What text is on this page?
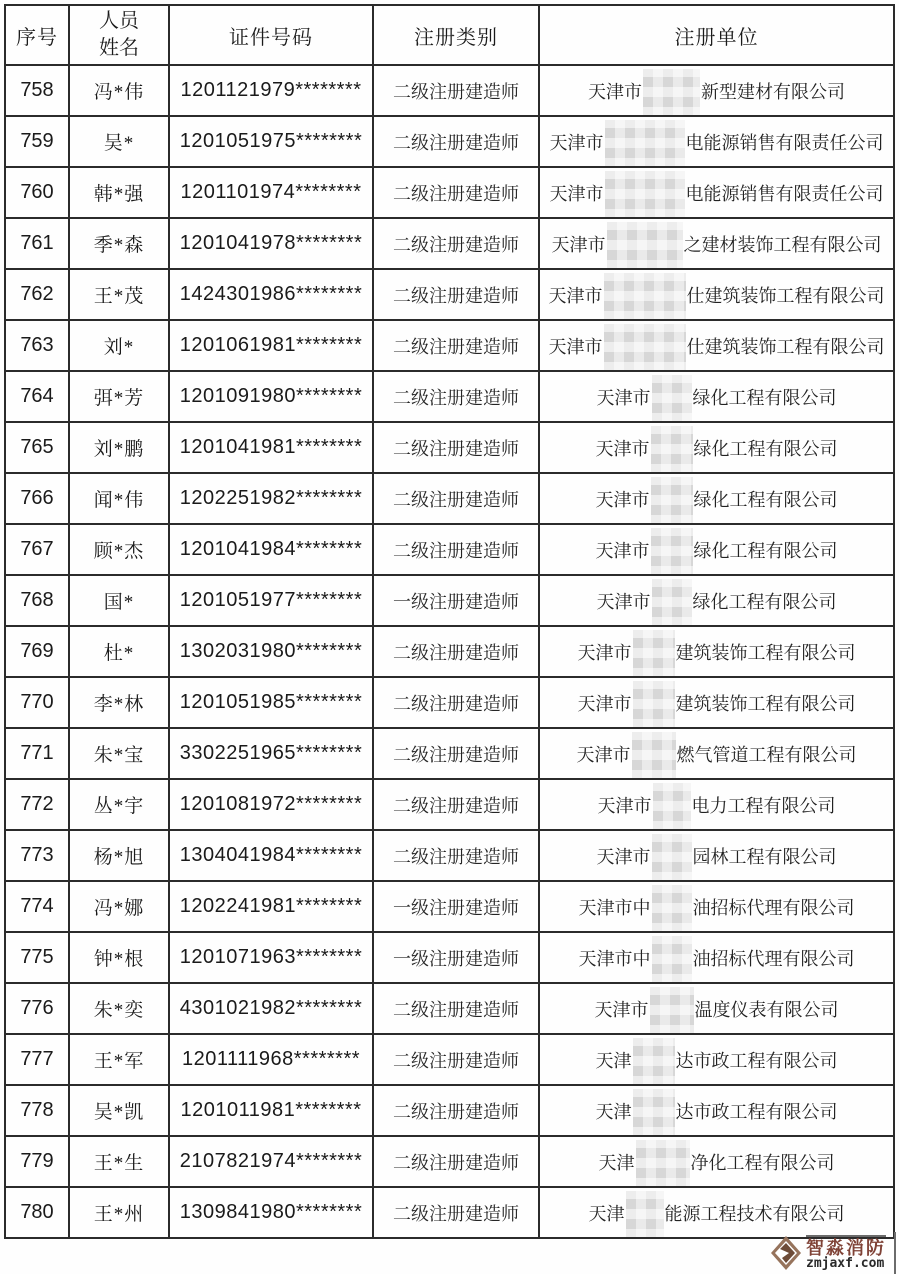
序号	人员姓名	证件号码	注册类别	注册单位
758	冯*伟	1201121979********	二级注册建造师	天津市 新型建材有限公司
759	吴*	1201051975********	二级注册建造师	天津市 电能源销售有限责任公司
760	韩*强	1201101974********	二级注册建造师	天津市 电能源销售有限责任公司
761	季*森	1201041978********	二级注册建造师	天津市 之建材装饰工程有限公司
762	王*茂	1424301986********	二级注册建造师	天津市 仕建筑装饰工程有限公司
763	刘*	1201061981********	二级注册建造师	天津市 仕建筑装饰工程有限公司
764	弭*芳	1201091980********	二级注册建造师	天津市 绿化工程有限公司
765	刘*鹏	1201041981********	二级注册建造师	天津市 绿化工程有限公司
766	闻*伟	1202251982********	二级注册建造师	天津市 绿化工程有限公司
767	顾*杰	1201041984********	二级注册建造师	天津市 绿化工程有限公司
768	国*	1201051977********	一级注册建造师	天津市 绿化工程有限公司
769	杜*	1302031980********	二级注册建造师	天津市 建筑装饰工程有限公司
770	李*林	1201051985********	二级注册建造师	天津市 建筑装饰工程有限公司
771	朱*宝	3302251965********	二级注册建造师	天津市 燃气管道工程有限公司
772	丛*宇	1201081972********	二级注册建造师	天津市 电力工程有限公司
773	杨*旭	1304041984********	二级注册建造师	天津市 园林工程有限公司
774	冯*娜	1202241981********	一级注册建造师	天津市中 油招标代理有限公司
775	钟*根	1201071963********	一级注册建造师	天津市中 油招标代理有限公司
776	朱*奕	4301021982********	二级注册建造师	天津市 温度仪表有限公司
777	王*军	1201111968********	二级注册建造师	天津 达市政工程有限公司
778	吴*凯	1201011981********	二级注册建造师	天津 达市政工程有限公司
779	王*生	2107821974********	二级注册建造师	天津 净化工程有限公司
780	王*州	1309841980********	二级注册建造师	天津 能源工程技术有限公司
智淼消防
zmjaxf.com
